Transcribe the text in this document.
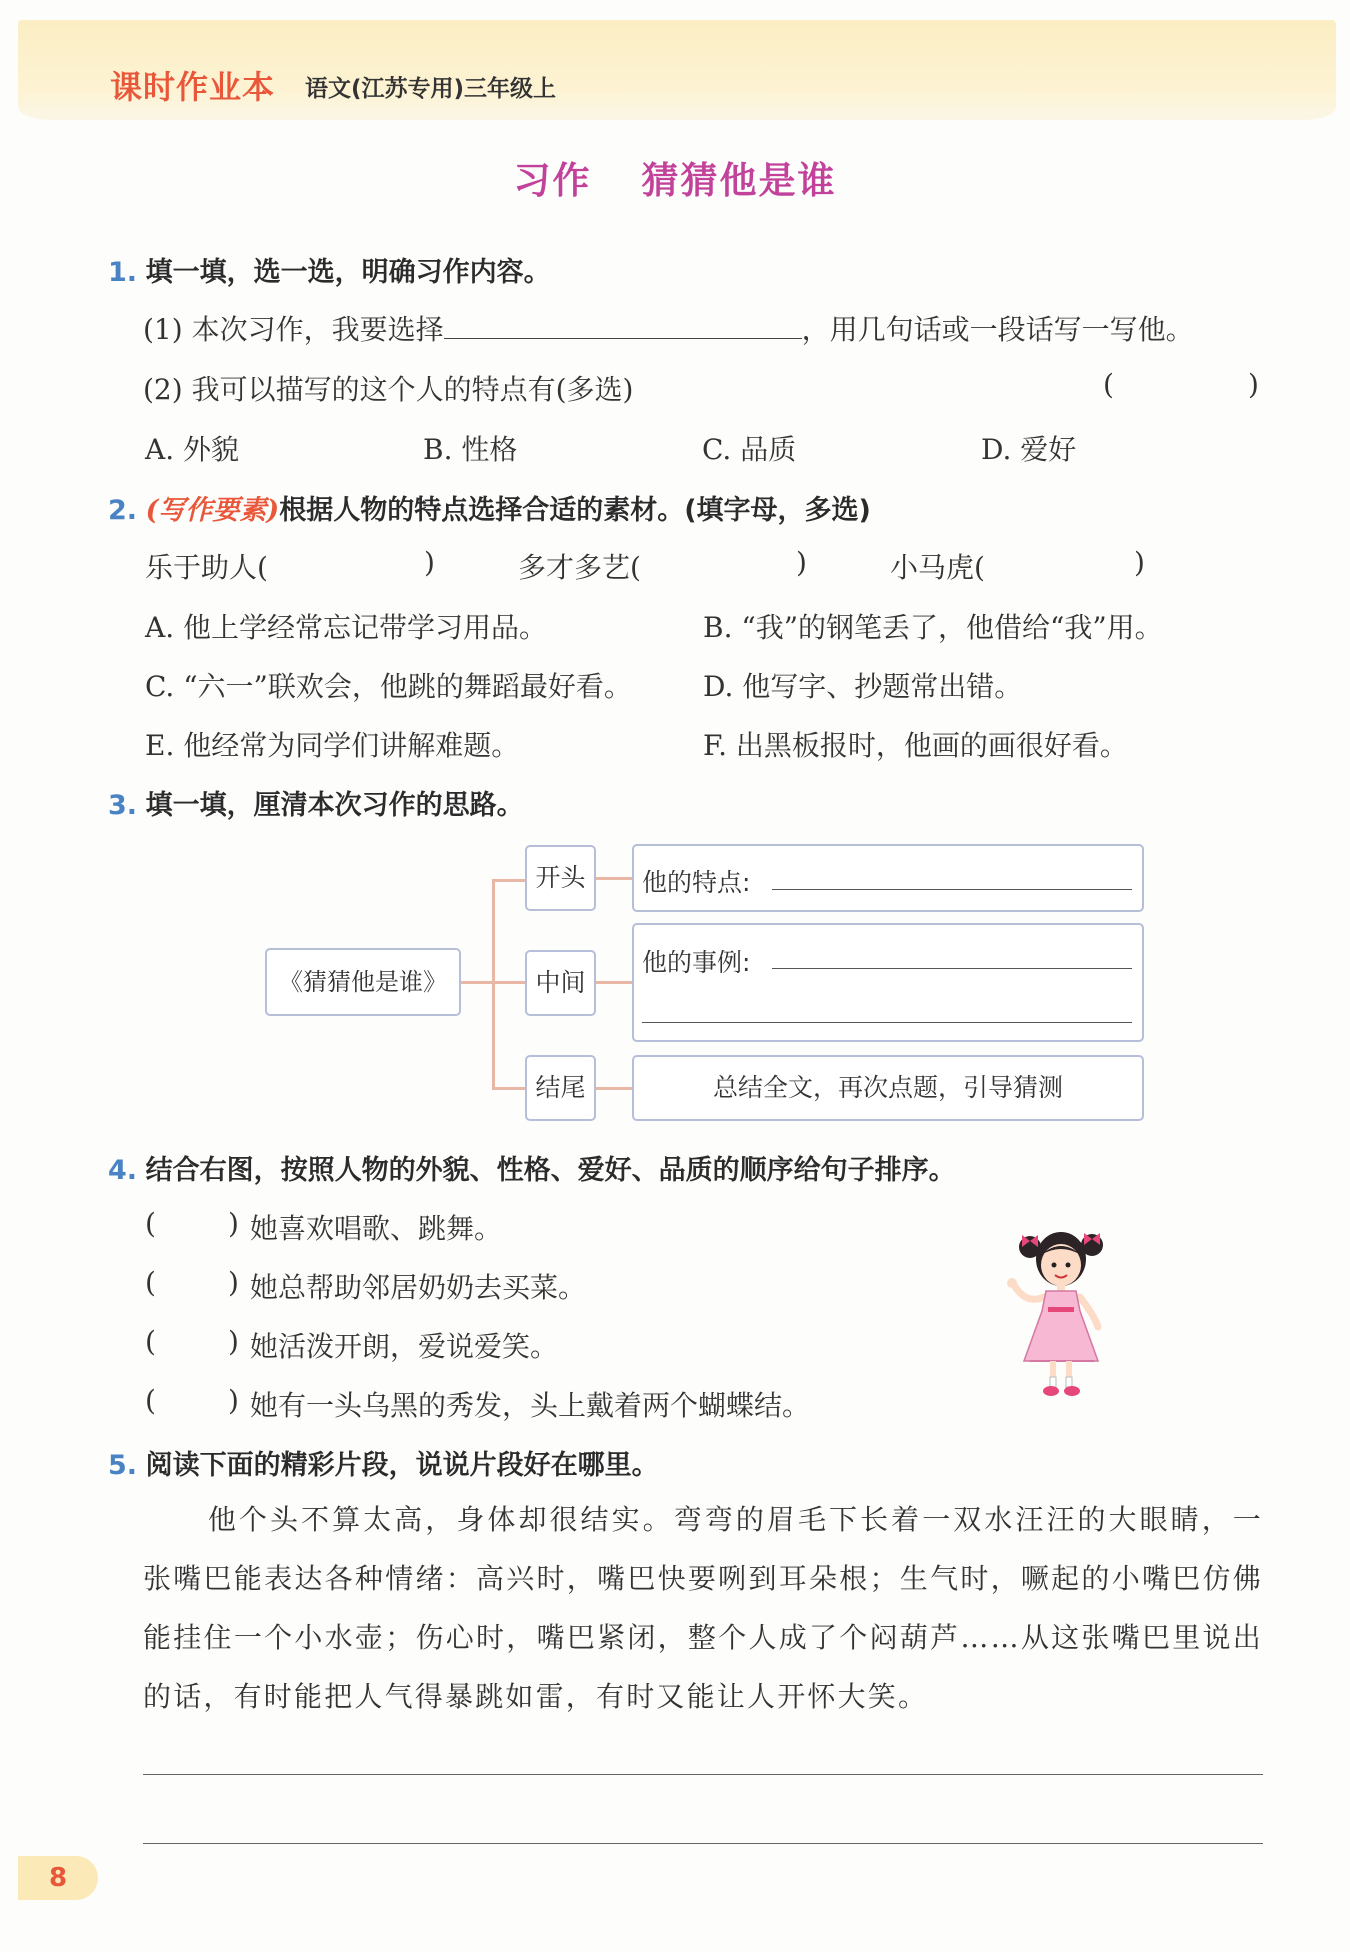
课时作业本 语文(江苏专用)三年级上
习作 猜猜他是谁
1. 填一填，选一选，明确习作内容。
(1) 本次习作，我要选择	，用几句话或一段话写一写他。
(2) 我可以描写的这个人的特点有(多选)	(	)
A. 外貌	B. 性格	C. 品质	D. 爱好
2. (写作要素)根据人物的特点选择合适的素材。(填字母，多选)
乐于助人(	)	多才多艺(	)	小马虎(	)
A. 他上学经常忘记带学习用品。	B. “我”的钢笔丢了，他借给“我”用。
C. “六一”联欢会，他跳的舞蹈最好看。	D. 他写字、抄题常出错。
E. 他经常为同学们讲解难题。	F. 出黑板报时，他画的画很好看。
3. 填一填，厘清本次习作的思路。
《猜猜他是谁》
开头
中间
结尾
他的特点:
他的事例:
总结全文，再次点题，引导猜测
4. 结合右图，按照人物的外貌、性格、爱好、品质的顺序给句子排序。
(	) 她喜欢唱歌、跳舞。
(	) 她总帮助邻居奶奶去买菜。
(	) 她活泼开朗，爱说爱笑。
(	) 她有一头乌黑的秀发，头上戴着两个蝴蝶结。
5. 阅读下面的精彩片段，说说片段好在哪里。
他个头不算太高，身体却很结实。弯弯的眉毛下长着一双水汪汪的大眼睛，一张嘴巴能表达各种情绪：高兴时，嘴巴快要咧到耳朵根；生气时，噘起的小嘴巴仿佛能挂住一个小水壶；伤心时，嘴巴紧闭，整个人成了个闷葫芦……从这张嘴巴里说出的话，有时能把人气得暴跳如雷，有时又能让人开怀大笑。
8
